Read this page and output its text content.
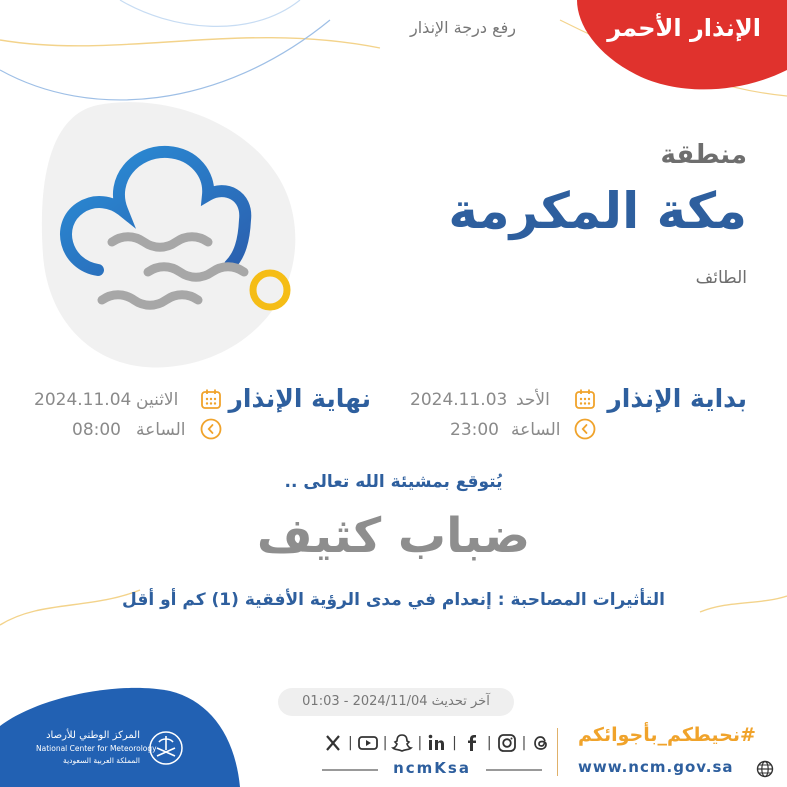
الإنذار الأحمر
رفع درجة الإنذار
منطقة
مكة المكرمة
الطائف
بداية الإنذار
الأحد
2024.11.03
الساعة
23:00
نهاية الإنذار
الاثنين
2024.11.04
الساعة
08:00
يُتوقع بمشيئة الله تعالى ..
ضباب كثيف
التأثيرات المصاحبة : إنعدام في مدى الرؤية الأفقية (1) كم أو أقل
آخر تحديث 2024/11/04 - 01:03
المركز الوطني للأرصاد
National Center for Meteorology
المملكة العربية السعودية
| | | | | |
ncmKsa
#نحيطكم_بأجوائكم
www.ncm.gov.sa
